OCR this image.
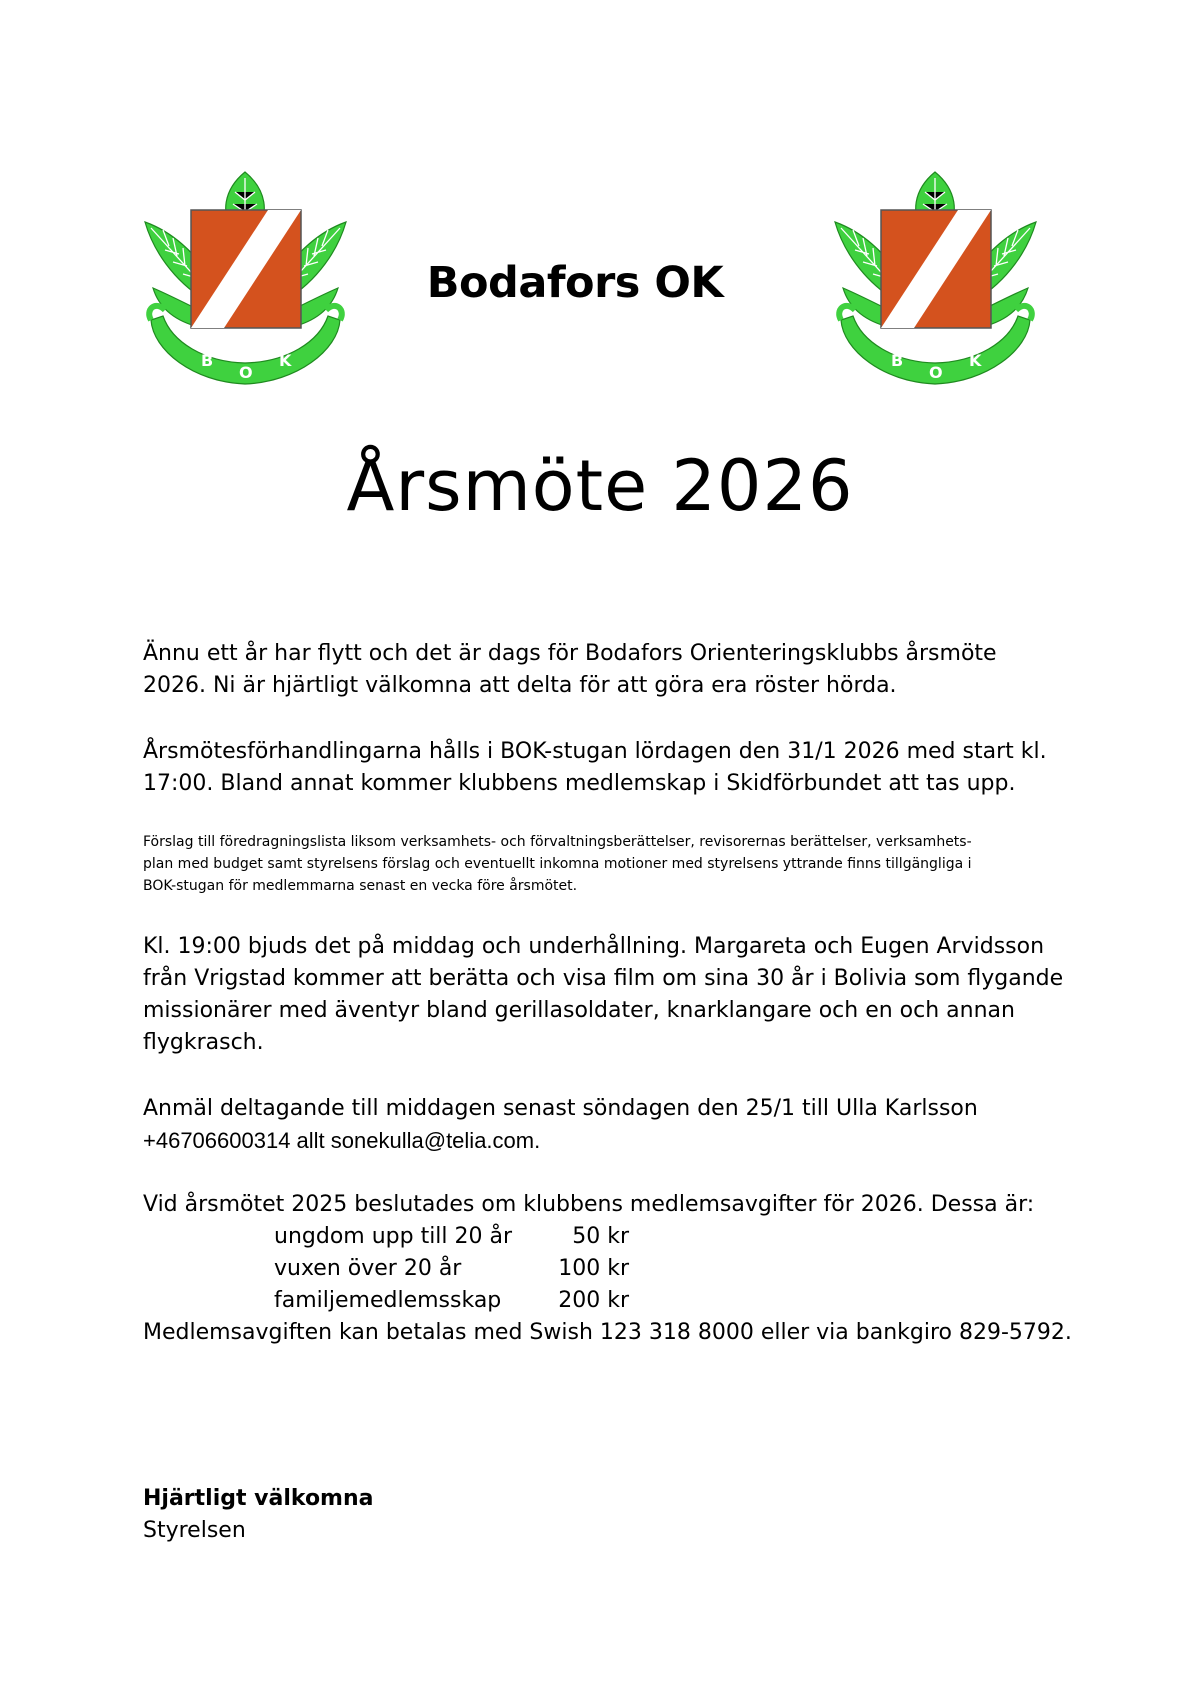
B
O
K	B
O
K
Bodafors OK
Årsmöte 2026

Ännu ett år har flytt och det är dags för Bodafors Orienteringsklubbs årsmöte
2026. Ni är hjärtligt välkomna att delta för att göra era röster hörda.

Årsmötesförhandlingarna hålls i BOK-stugan lördagen den 31/1 2026 med start kl.
17:00. Bland annat kommer klubbens medlemskap i Skidförbundet att tas upp.

Förslag till föredragningslista liksom verksamhets- och förvaltningsberättelser, revisorernas berättelser, verksamhets-
plan med budget samt styrelsens förslag och eventuellt inkomna motioner med styrelsens yttrande finns tillgängliga i
BOK-stugan för medlemmarna senast en vecka före årsmötet.

Kl. 19:00 bjuds det på middag och underhållning. Margareta och Eugen Arvidsson
från Vrigstad kommer att berätta och visa film om sina 30 år i Bolivia som flygande
missionärer med äventyr bland gerillasoldater, knarklangare och en och annan
flygkrasch.

Anmäl deltagande till middagen senast söndagen den 25/1 till Ulla Karlsson
+46706600314 allt sonekulla@telia.com.

Vid årsmötet 2025 beslutades om klubbens medlemsavgifter för 2026. Dessa är:

ungdom upp till 20 år	50 kr
vuxen över 20 år	100 kr
familjemedlemsskap	200 kr

Medlemsavgiften kan betalas med Swish 123 318 8000 eller via bankgiro 829-5792.

Hjärtligt välkomna
Styrelsen
